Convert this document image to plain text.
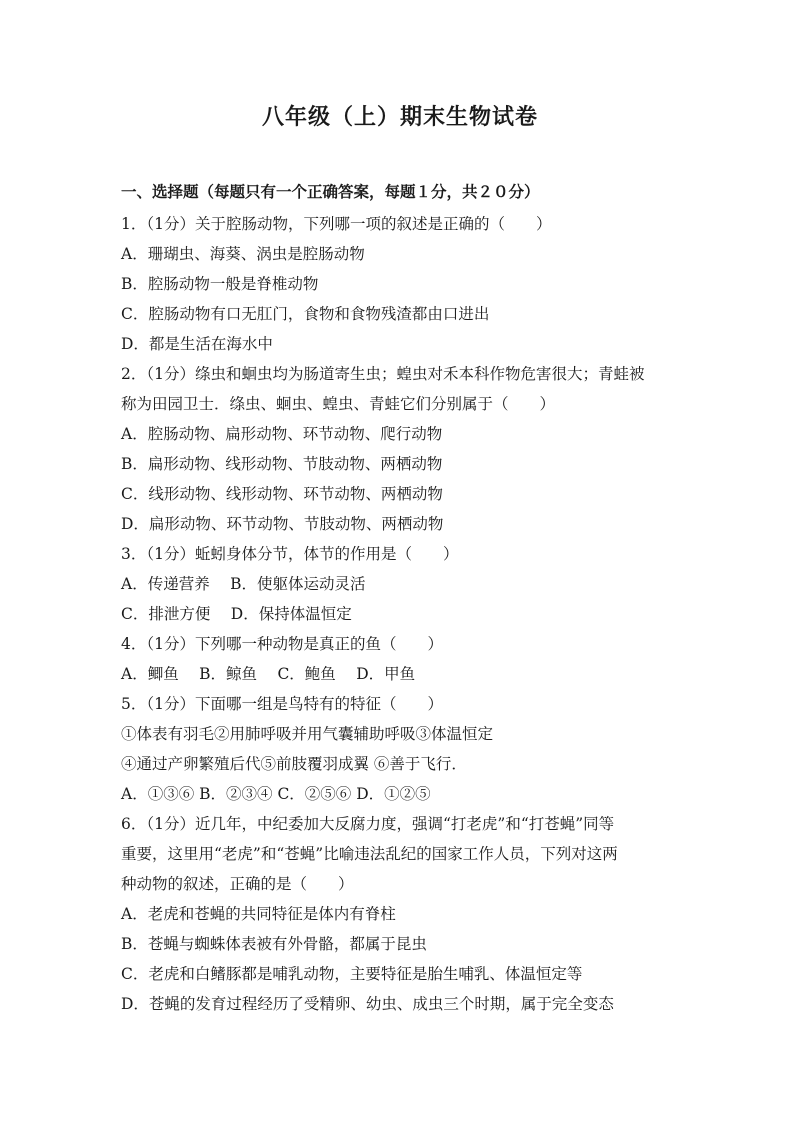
八年级（上）期末生物试卷
一、选择题（每题只有一个正确答案，每题１分，共２０分）
1．（1分）关于腔肠动物，下列哪一项的叙述是正确的（　　）
A．珊瑚虫、海葵、涡虫是腔肠动物
B．腔肠动物一般是脊椎动物
C．腔肠动物有口无肛门，食物和食物残渣都由口进出
D．都是生活在海水中
2．（1分）绦虫和蛔虫均为肠道寄生虫；蝗虫对禾本科作物危害很大；青蛙被
称为田园卫士．绦虫、蛔虫、蝗虫、青蛙它们分别属于（　　）
A．腔肠动物、扁形动物、环节动物、爬行动物
B．扁形动物、线形动物、节肢动物、两栖动物
C．线形动物、线形动物、环节动物、两栖动物
D．扁形动物、环节动物、节肢动物、两栖动物
3．（1分）蚯蚓身体分节，体节的作用是（　　）
A．传递营养　 B．使躯体运动灵活
C．排泄方便　 D．保持体温恒定
4．（1分）下列哪一种动物是真正的鱼（　　）
A．鲫鱼　 B．鲸鱼　 C．鲍鱼　 D．甲鱼
5．（1分）下面哪一组是鸟特有的特征（　　）
①体表有羽毛②用肺呼吸并用气囊辅助呼吸③体温恒定
④通过产卵繁殖后代⑤前肢覆羽成翼 ⑥善于飞行．
A．①③⑥ B．②③④ C．②⑤⑥ D．①②⑤
6．（1分）近几年，中纪委加大反腐力度，强调“打老虎”和“打苍蝇”同等
重要，这里用“老虎”和“苍蝇”比喻违法乱纪的国家工作人员，下列对这两
种动物的叙述，正确的是（　　）
A．老虎和苍蝇的共同特征是体内有脊柱
B．苍蝇与蜘蛛体表被有外骨骼，都属于昆虫
C．老虎和白鳍豚都是哺乳动物，主要特征是胎生哺乳、体温恒定等
D．苍蝇的发育过程经历了受精卵、幼虫、成虫三个时期，属于完全变态
